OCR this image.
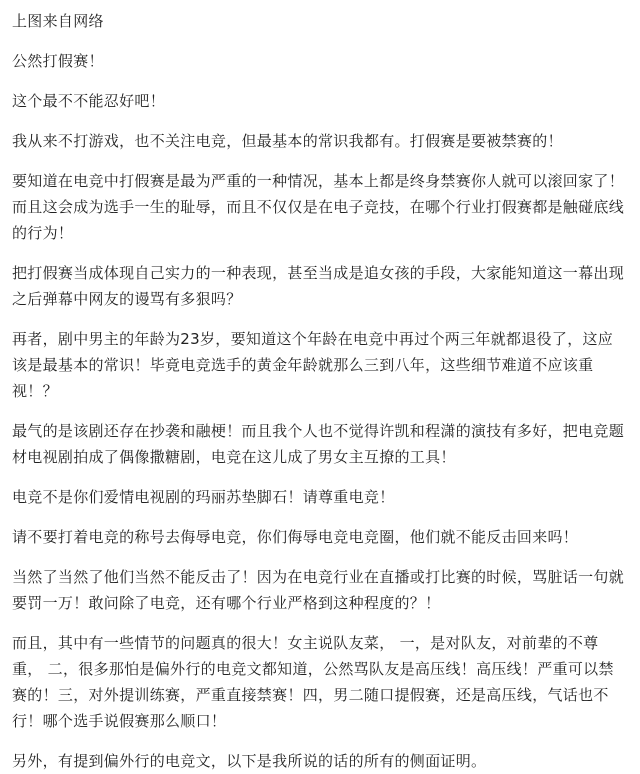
上图来自网络

公然打假赛！

这个最不不能忍好吧！

我从来不打游戏，也不关注电竞，但最基本的常识我都有。打假赛是要被禁赛的！

要知道在电竞中打假赛是最为严重的一种情况，基本上都是终身禁赛你人就可以滚回家了！而且这会成为选手一生的耻辱，而且不仅仅是在电子竞技，在哪个行业打假赛都是触碰底线的行为！

把打假赛当成体现自己实力的一种表现，甚至当成是追女孩的手段，大家能知道这一幕出现之后弹幕中网友的谩骂有多狠吗？

再者，剧中男主的年龄为23岁，要知道这个年龄在电竞中再过个两三年就都退役了，这应该是最基本的常识！毕竟电竞选手的黄金年龄就那么三到八年，这些细节难道不应该重视！？

最气的是该剧还存在抄袭和融梗！而且我个人也不觉得许凯和程潇的演技有多好，把电竞题材电视剧拍成了偶像撒糖剧，电竞在这儿成了男女主互撩的工具！

电竞不是你们爱情电视剧的玛丽苏垫脚石！请尊重电竞！

请不要打着电竞的称号去侮辱电竞，你们侮辱电竞电竞圈，他们就不能反击回来吗！

当然了当然了他们当然不能反击了！因为在电竞行业在直播或打比赛的时候，骂脏话一句就要罚一万！敢问除了电竞，还有哪个行业严格到这种程度的？！

而且，其中有一些情节的问题真的很大！女主说队友菜， 一，是对队友，对前辈的不尊重， 二，很多那怕是偏外行的电竞文都知道，公然骂队友是高压线！高压线！严重可以禁赛的！三，对外提训练赛，严重直接禁赛！四，男二随口提假赛，还是高压线，气话也不行！哪个选手说假赛那么顺口！

另外，有提到偏外行的电竞文，以下是我所说的话的所有的侧面证明。
